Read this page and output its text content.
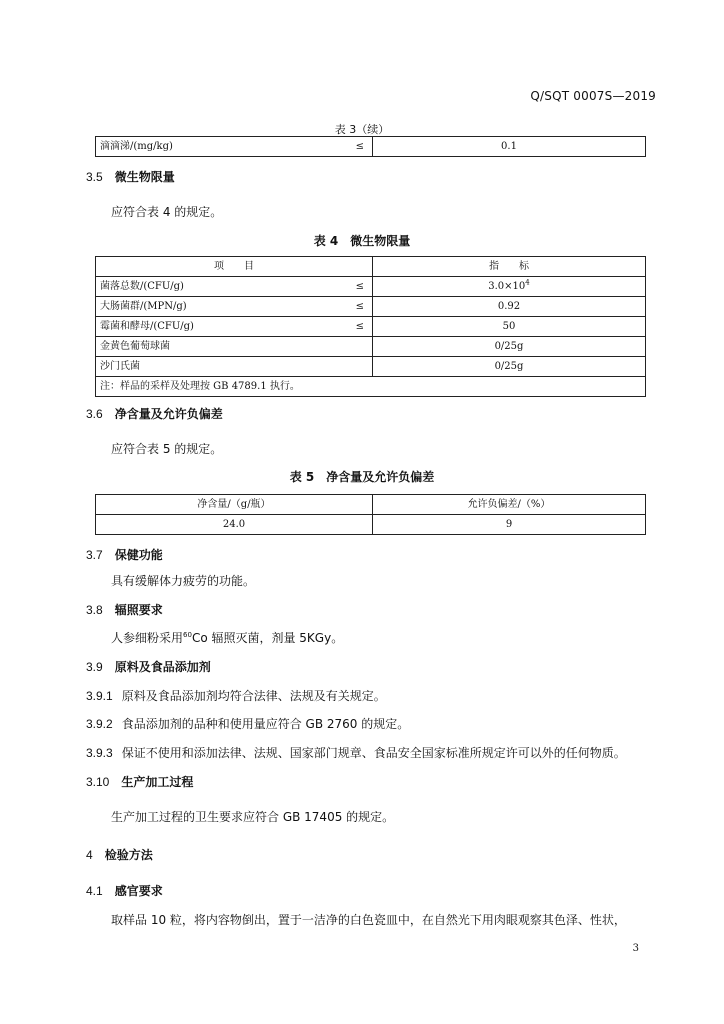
Q/SQT 0007S—2019
表 3（续）
滴滴涕/(mg/kg)	≤	0.1
3.5 微生物限量
应符合表 4 的规定。
表 4　微生物限量
项　　目	指　　标
菌落总数/(CFU/g) ≤	$3.0\times 10^4$
大肠菌群/(MPN/g) ≤	0.92
霉菌和酵母/(CFU/g) ≤	50
金黄色葡萄球菌	0/25g
沙门氏菌	0/25g
注：样品的采样及处理按 GB 4789.1 执行。	
3.6 净含量及允许负偏差
应符合表 5 的规定。
表 5　净含量及允许负偏差
净含量/（g/瓶）	允许负偏差/（%）
24.0	9
3.7 保健功能
具有缓解体力疲劳的功能。
3.8 辐照要求
人参细粉采用$^{60}$Co 辐照灭菌，剂量 5KGy。
3.9 原料及食品添加剂
3.9.1 原料及食品添加剂均符合法律、法规及有关规定。
3.9.2 食品添加剂的品种和使用量应符合 GB 2760 的规定。
3.9.3 保证不使用和添加法律、法规、国家部门规章、食品安全国家标准所规定许可以外的任何物质。
3.10 生产加工过程
生产加工过程的卫生要求应符合 GB 17405 的规定。
4 检验方法
4.1 感官要求
取样品 10 粒，将内容物倒出，置于一洁净的白色瓷皿中，在自然光下用肉眼观察其色泽、性状，
3
